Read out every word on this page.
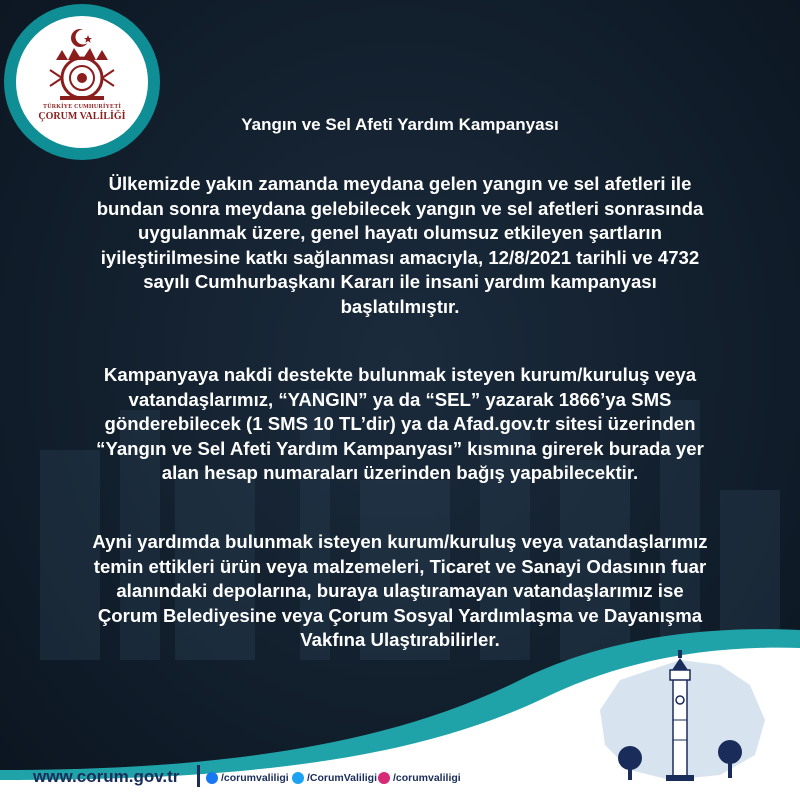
TÜRKİYE CUMHURİYETİ
ÇORUM VALİLİĞİ	Yangın ve Sel Afeti Yardım Kampanyası
Ülkemizde yakın zamanda meydana gelen yangın ve sel afetleri ile
bundan sonra meydana gelebilecek yangın ve sel afetleri sonrasında
uygulanmak üzere, genel hayatı olumsuz etkileyen şartların
iyileştirilmesine katkı sağlanması amacıyla, 12/8/2021 tarihli ve 4732
sayılı Cumhurbaşkanı Kararı ile insani yardım kampanyası
başlatılmıştır.
Kampanyaya nakdi destekte bulunmak isteyen kurum/kuruluş veya
vatandaşlarımız, “YANGIN” ya da “SEL” yazarak 1866’ya SMS
gönderebilecek (1 SMS 10 TL’dir) ya da Afad.gov.tr sitesi üzerinden
“Yangın ve Sel Afeti Yardım Kampanyası” kısmına girerek burada yer
alan hesap numaraları üzerinden bağış yapabilecektir.
Ayni yardımda bulunmak isteyen kurum/kuruluş veya vatandaşlarımız
temin ettikleri ürün veya malzemeleri, Ticaret ve Sanayi Odasının fuar
alanındaki depolarına, buraya ulaştıramayan vatandaşlarımız ise
Çorum Belediyesine veya Çorum Sosyal Yardımlaşma ve Dayanışma
Vakfına Ulaştırabilirler.
www.corum.gov.tr	/corumvaliligi /CorumValiligi /corumvaliligi
